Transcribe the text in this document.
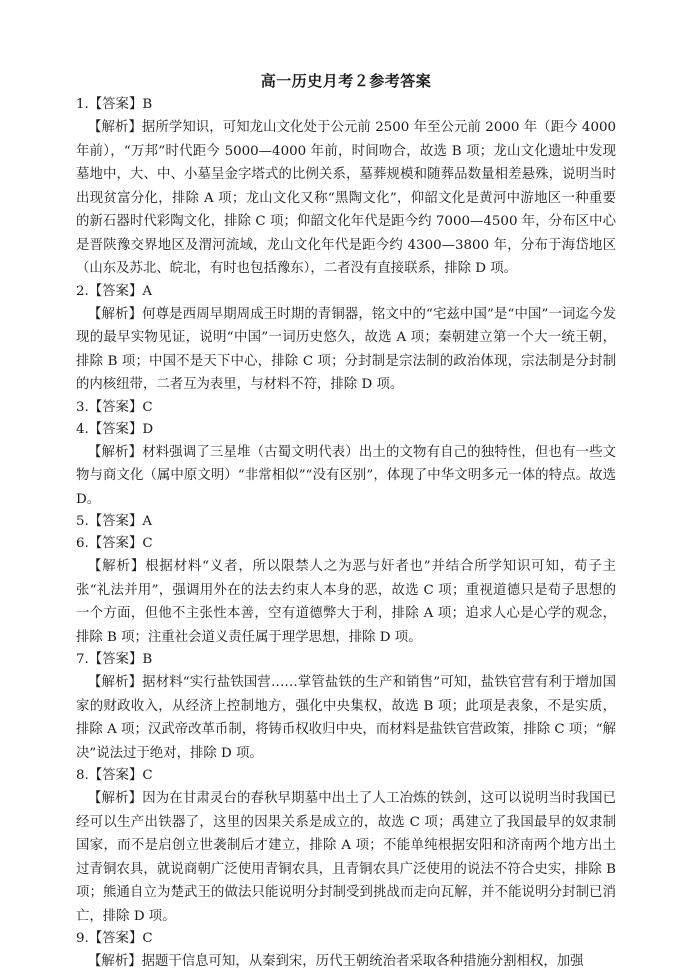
高一历史月考２参考答案
1.【答案】B

【解析】据所学知识，可知龙山文化处于公元前 2500 年至公元前 2000 年（距今 4000 年前），“万邦”时代距今 5000—4000 年前，时间吻合，故选 B 项；龙山文化遗址中发现墓地中，大、中、小墓呈金字塔式的比例关系，墓葬规模和随葬品数量相差悬殊，说明当时出现贫富分化，排除 A 项；龙山文化又称“黑陶文化”，仰韶文化是黄河中游地区一种重要的新石器时代彩陶文化，排除 C 项；仰韶文化年代是距今约 7000—4500 年，分布区中心是晋陕豫交界地区及渭河流域，龙山文化年代是距今约 4300—3800 年，分布于海岱地区（山东及苏北、皖北，有时也包括豫东），二者没有直接联系，排除 D 项。

2.【答案】A

【解析】何尊是西周早期周成王时期的青铜器，铭文中的“宅兹中国”是“中国”一词迄今发现的最早实物见证，说明“中国”一词历史悠久，故选 A 项；秦朝建立第一个大一统王朝，排除 B 项；中国不是天下中心，排除 C 项；分封制是宗法制的政治体现，宗法制是分封制的内核纽带，二者互为表里，与材料不符，排除 D 项。

3.【答案】C
4.【答案】D

【解析】材料强调了三星堆（古蜀文明代表）出土的文物有自己的独特性，但也有一些文物与商文化（属中原文明）“非常相似”“没有区别”，体现了中华文明多元一体的特点。故选 D。

5.【答案】A
6.【答案】C

【解析】根据材料“义者，所以限禁人之为恶与奸者也”并结合所学知识可知，荀子主张“礼法并用”，强调用外在的法去约束人本身的恶，故选 C 项；重视道德只是荀子思想的一个方面，但他不主张性本善，空有道德弊大于利，排除 A 项；追求人心是心学的观念，排除 B 项；注重社会道义责任属于理学思想，排除 D 项。

7.【答案】B

【解析】据材料“实行盐铁国营……掌管盐铁的生产和销售”可知，盐铁官营有利于增加国家的财政收入，从经济上控制地方，强化中央集权，故选 B 项；此项是表象，不是实质，排除 A 项；汉武帝改革币制，将铸币权收归中央，而材料是盐铁官营政策，排除 C 项；“解决”说法过于绝对，排除 D 项。

8.【答案】C

【解析】因为在甘肃灵台的春秋早期墓中出土了人工冶炼的铁剑，这可以说明当时我国已经可以生产出铁器了，这里的因果关系是成立的，故选 C 项；禹建立了我国最早的奴隶制国家，而不是启创立世袭制后才建立，排除 A 项；不能单纯根据安阳和济南两个地方出土过青铜农具，就说商朝广泛使用青铜农具，且青铜农具广泛使用的说法不符合史实，排除 B 项；熊通自立为楚武王的做法只能说明分封制受到挑战而走向瓦解，并不能说明分封制已消亡，排除 D 项。

9.【答案】C

【解析】据题干信息可知，从秦到宋，历代王朝统治者采取各种措施分割相权，加强
